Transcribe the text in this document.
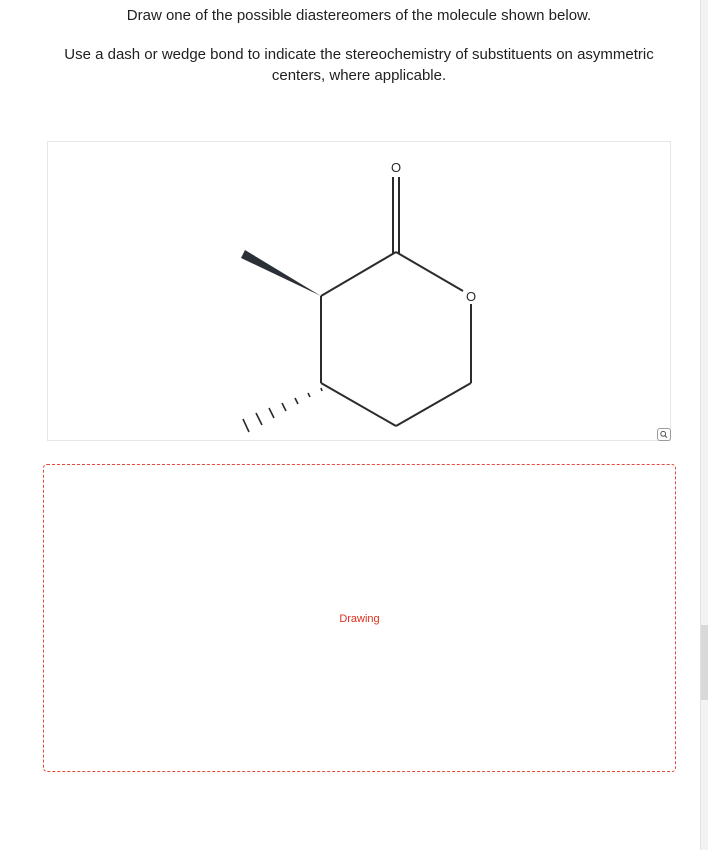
Draw one of the possible diastereomers of the molecule shown below.
Use a dash or wedge bond to indicate the stereochemistry of substituents on asymmetric centers, where applicable.
O
O
Drawing
